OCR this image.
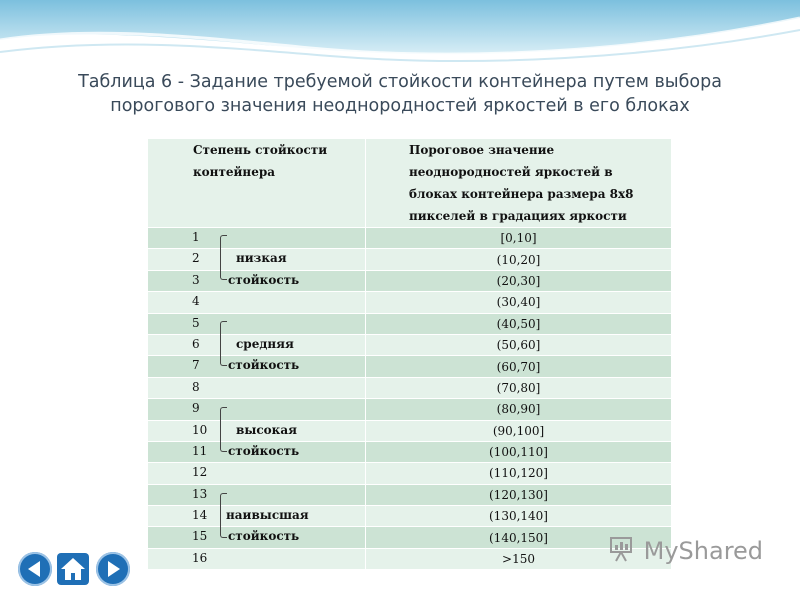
Таблица 6 - Задание требуемой стойкости контейнера путем выбора
порогового значения неоднородностей яркостей в его блоках
Степень стойкости контейнера	Пороговое значение неоднородностей яркостей в блоках контейнера размера 8х8 пикселей в градациях яркости

1	[0,10]

2 низкая	(10,20]

3 стойкость	(20,30]

4	(30,40]

5	(40,50]

6 средняя	(50,60]

7 стойкость	(60,70]

8	(70,80]

9	(80,90]

10 высокая	(90,100]

11 стойкость	(100,110]

12	(110,120]

13	(120,130]

14 наивысшая	(130,140]

15 стойкость	(140,150]

16	>150	MyShared
